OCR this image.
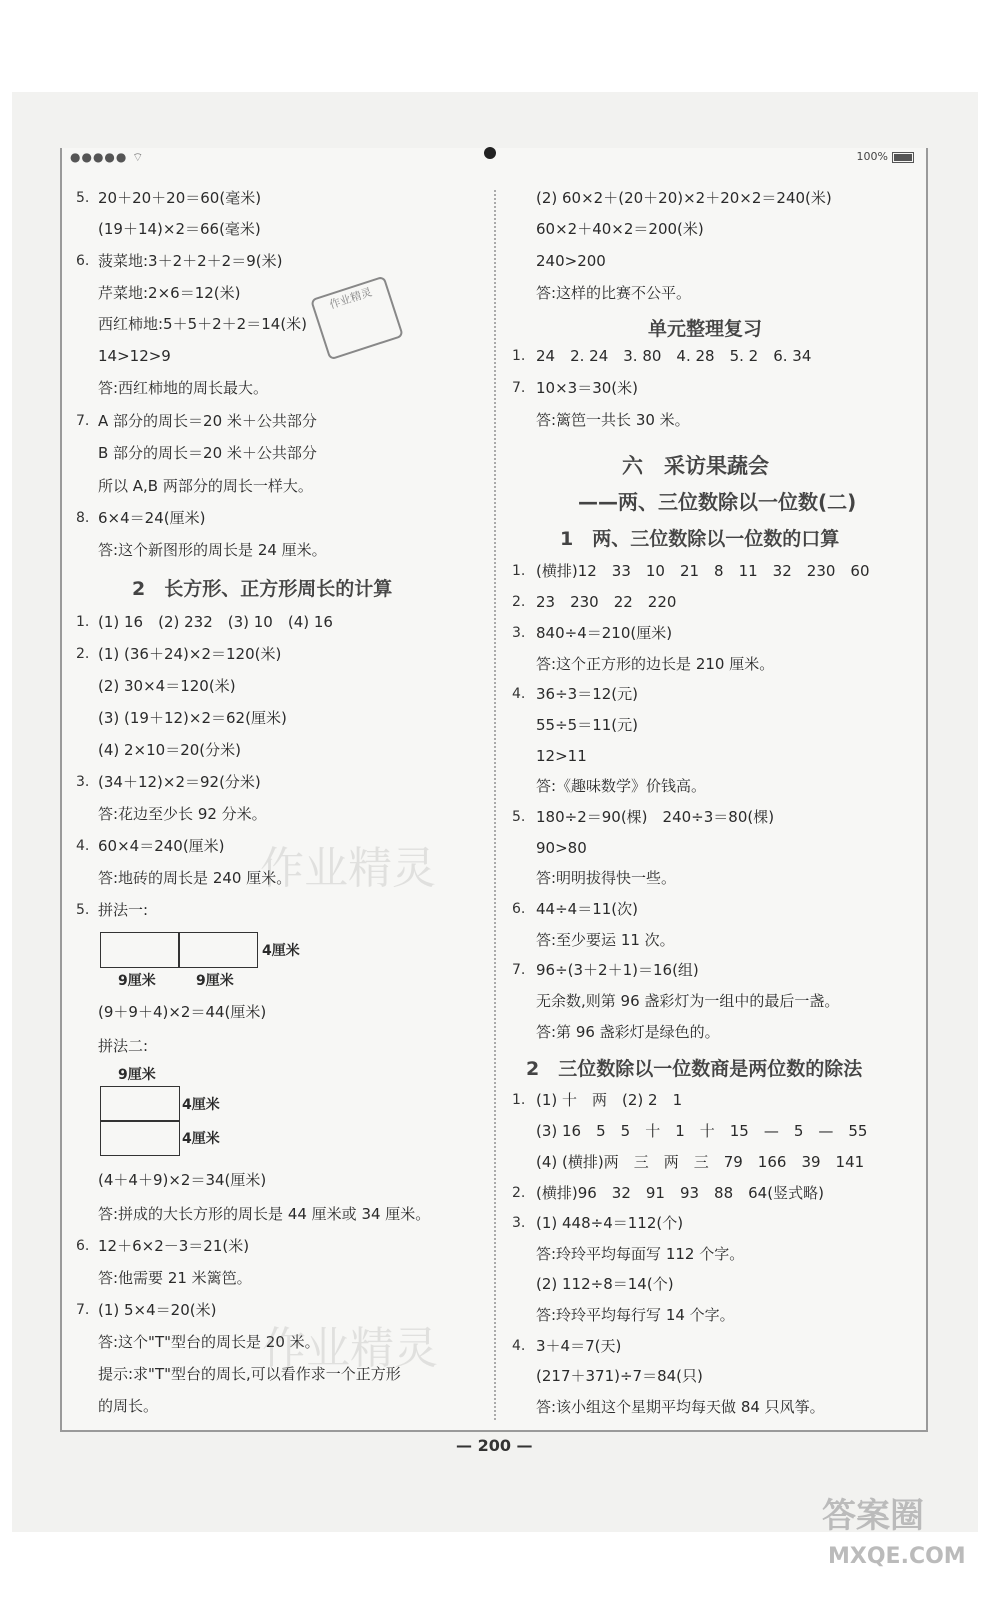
●●●●● ⌔	100%
5. 20＋20＋20＝60(毫米)
(19＋14)×2＝66(毫米)
6. 菠菜地:3＋2＋2＋2＝9(米)
芹菜地:2×6＝12(米)
西红柿地:5＋5＋2＋2＝14(米)
14>12>9
答:西红柿地的周长最大。
作业精灵
7. A 部分的周长＝20 米＋公共部分
B 部分的周长＝20 米＋公共部分
所以 A,B 两部分的周长一样大。
8. 6×4＝24(厘米)
答:这个新图形的周长是 24 厘米。
2　长方形、正方形周长的计算
1. (1) 16　(2) 232　(3) 10　(4) 16
2. (1) (36＋24)×2＝120(米)
(2) 30×4＝120(米)
(3) (19＋12)×2＝62(厘米)
(4) 2×10＝20(分米)
3. (34＋12)×2＝92(分米)
答:花边至少长 92 分米。
4. 60×4＝240(厘米)
答:地砖的周长是 240 厘米。
5. 拼法一:
4厘米
9厘米	9厘米
(9＋9＋4)×2＝44(厘米)
拼法二:
9厘米
4厘米
4厘米
(4＋4＋9)×2＝34(厘米)
答:拼成的大长方形的周长是 44 厘米或 34 厘米。
6. 12＋6×2－3＝21(米)
答:他需要 21 米篱笆。
7. (1) 5×4＝20(米)
答:这个"T"型台的周长是 20 米。
提示:求"T"型台的周长,可以看作求一个正方形
的周长。
作业精灵
作业精灵
(2) 60×2＋(20＋20)×2＋20×2＝240(米)
60×2＋40×2＝200(米)
240>200
答:这样的比赛不公平。
单元整理复习
1. 24　2. 24　3. 80　4. 28　5. 2　6. 34
7. 10×3＝30(米)
答:篱笆一共长 30 米。
六　采访果蔬会
——两、三位数除以一位数(二)
1　两、三位数除以一位数的口算
1. (横排)12　33　10　21　8　11　32　230　60
2. 23　230　22　220
3. 840÷4＝210(厘米)
答:这个正方形的边长是 210 厘米。
4. 36÷3＝12(元)
55÷5＝11(元)
12>11
答:《趣味数学》价钱高。
5. 180÷2＝90(棵)　240÷3＝80(棵)
90>80
答:明明拔得快一些。
6. 44÷4＝11(次)
答:至少要运 11 次。
7. 96÷(3＋2＋1)＝16(组)
无余数,则第 96 盏彩灯为一组中的最后一盏。
答:第 96 盏彩灯是绿色的。
2　三位数除以一位数商是两位数的除法
1. (1) 十　两　(2) 2　1
(3) 16　5　5　十　1　十　15　—　5　—　55
(4) (横排)两　三　两　三　79　166　39　141
2. (横排)96　32　91　93　88　64(竖式略)
3. (1) 448÷4＝112(个)
答:玲玲平均每面写 112 个字。
(2) 112÷8＝14(个)
答:玲玲平均每行写 14 个字。
4. 3＋4＝7(天)
(217＋371)÷7＝84(只)
答:该小组这个星期平均每天做 84 只风筝。
— 200 —
答案圈
MXQE.COM
